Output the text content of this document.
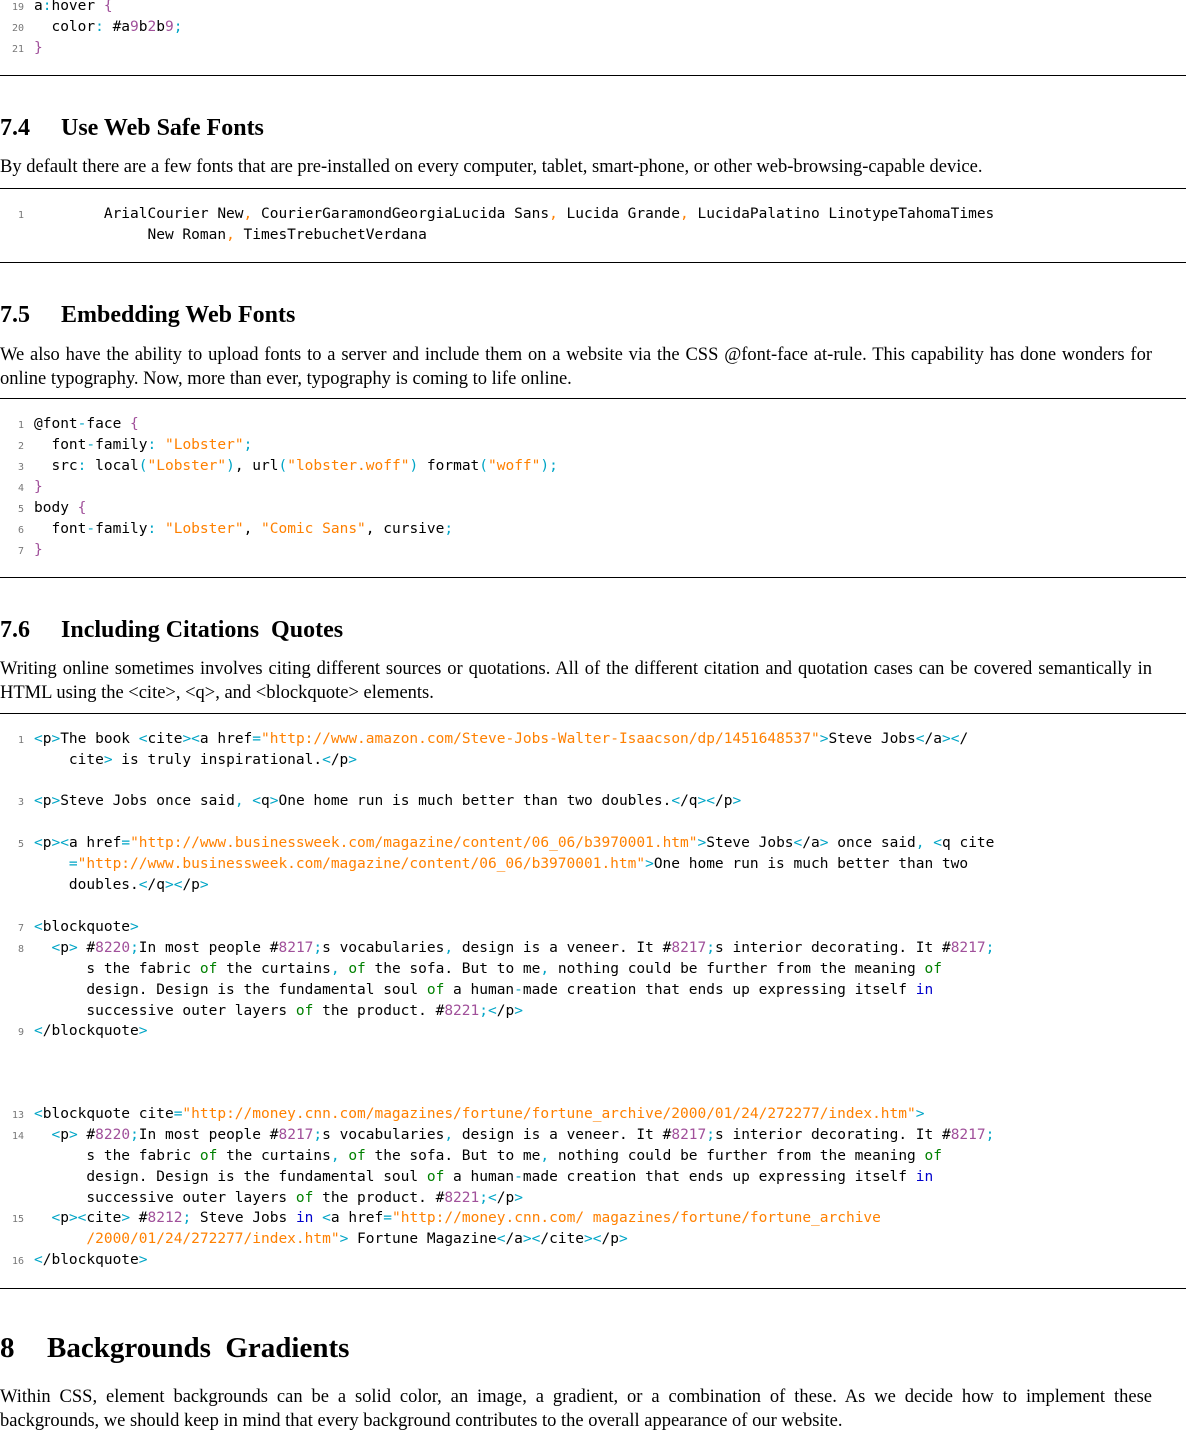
19 a:hover {
20  color: #a9b2b9;
21 }
7.4 Use Web Safe Fonts

By default there are a few fonts that are pre-installed on every computer, tablet, smart-phone, or other web-browsing-capable device.

1        ArialCourier New, CourierGaramondGeorgiaLucida Sans, Lucida Grande, LucidaPalatino LinotypeTahomaTimes
New Roman, TimesTrebuchetVerdana
7.5 Embedding Web Fonts

We also have the ability to upload fonts to a server and include them on a website via the CSS @font-face at-rule. This capability has done wonders for online typography. Now, more than ever, typography is coming to life online.

1 @font-face {
2  font-family: "Lobster";
3  src: local("Lobster"), url("lobster.woff") format("woff");
4 }
5 body {
6  font-family: "Lobster", "Comic Sans", cursive;
7 }
7.6 Including Citations  Quotes

Writing online sometimes involves citing different sources or quotations. All of the different citation and quotation cases can be covered semantically in HTML using the <cite>, <q>, and <blockquote> elements.

1 <p>The book <cite><a href="http://www.amazon.com/Steve-Jobs-Walter-Isaacson/dp/1451648537">Steve Jobs</a></
cite> is truly inspirational.</p>
3 <p>Steve Jobs once said, <q>One home run is much better than two doubles.</q></p>
5 <p><a href="http://www.businessweek.com/magazine/content/06_06/b3970001.htm">Steve Jobs</a> once said, <q cite
="http://www.businessweek.com/magazine/content/06_06/b3970001.htm">One home run is much better than two
doubles.</q></p>
7 <blockquote>
8 <p> #8220;In most people #8217;s vocabularies, design is a veneer. It #8217;s interior decorating. It #8217;
s the fabric of the curtains, of the sofa. But to me, nothing could be further from the meaning of
design. Design is the fundamental soul of a human-made creation that ends up expressing itself in
successive outer layers of the product. #8221;</p>
9 </blockquote>
13 <blockquote cite="http://money.cnn.com/magazines/fortune/fortune_archive/2000/01/24/272277/index.htm">
14 <p> #8220;In most people #8217;s vocabularies, design is a veneer. It #8217;s interior decorating. It #8217;
s the fabric of the curtains, of the sofa. But to me, nothing could be further from the meaning of
design. Design is the fundamental soul of a human-made creation that ends up expressing itself in
successive outer layers of the product. #8221;</p>
15 <p><cite> #8212; Steve Jobs in <a href="http://money.cnn.com/ magazines/fortune/fortune_archive
/2000/01/24/272277/index.htm"> Fortune Magazine</a></cite></p>
16 </blockquote>
8 Backgrounds  Gradients

Within CSS, element backgrounds can be a solid color, an image, a gradient, or a combination of these. As we decide how to implement these backgrounds, we should keep in mind that every background contributes to the overall appearance of our website.
